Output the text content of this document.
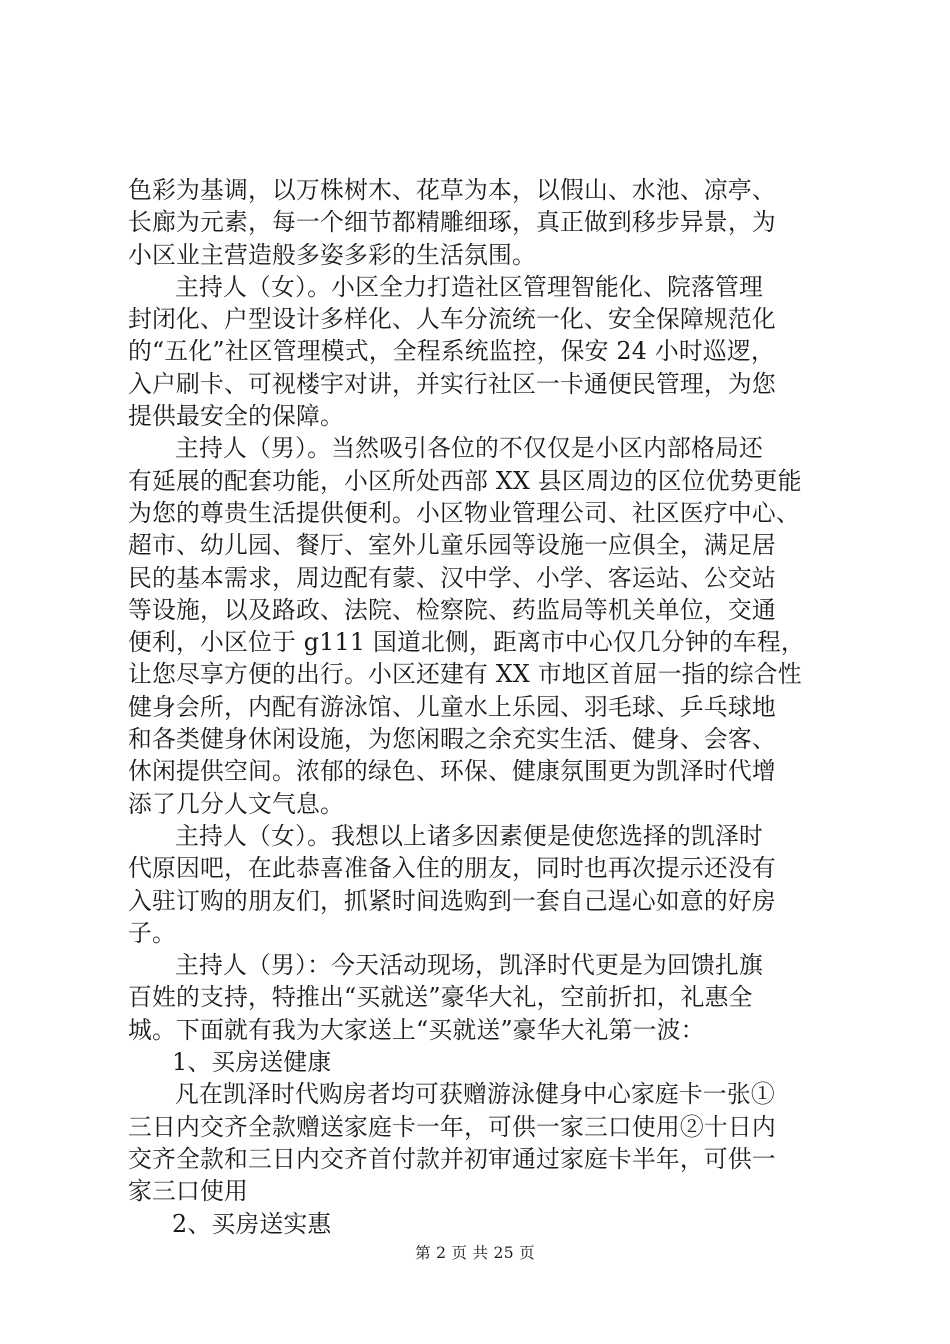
色彩为基调，以万株树木、花草为本，以假山、水池、凉亭、
长廊为元素，每一个细节都精雕细琢，真正做到移步异景，为
小区业主营造般多姿多彩的生活氛围。
主持人（女）。小区全力打造社区管理智能化、院落管理
封闭化、户型设计多样化、人车分流统一化、安全保障规范化
的“五化”社区管理模式，全程系统监控，保安 24 小时巡逻，
入户刷卡、可视楼宇对讲，并实行社区一卡通便民管理，为您
提供最安全的保障。
主持人（男）。当然吸引各位的不仅仅是小区内部格局还
有延展的配套功能，小区所处西部 XX 县区周边的区位优势更能
为您的尊贵生活提供便利。小区物业管理公司、社区医疗中心、
超市、幼儿园、餐厅、室外儿童乐园等设施一应俱全，满足居
民的基本需求，周边配有蒙、汉中学、小学、客运站、公交站
等设施，以及路政、法院、检察院、药监局等机关单位，交通
便利，小区位于 g111 国道北侧，距离市中心仅几分钟的车程，
让您尽享方便的出行。小区还建有 XX 市地区首屈一指的综合性
健身会所，内配有游泳馆、儿童水上乐园、羽毛球、乒乓球地
和各类健身休闲设施，为您闲暇之余充实生活、健身、会客、
休闲提供空间。浓郁的绿色、环保、健康氛围更为凯泽时代增
添了几分人文气息。
主持人（女）。我想以上诸多因素便是使您选择的凯泽时
代原因吧，在此恭喜准备入住的朋友，同时也再次提示还没有
入驻订购的朋友们，抓紧时间选购到一套自己逞心如意的好房
子。
主持人（男）：今天活动现场，凯泽时代更是为回馈扎旗
百姓的支持，特推出“买就送”豪华大礼，空前折扣，礼惠全
城。下面就有我为大家送上“买就送”豪华大礼第一波：
1、买房送健康
凡在凯泽时代购房者均可获赠游泳健身中心家庭卡一张①
三日内交齐全款赠送家庭卡一年，可供一家三口使用②十日内
交齐全款和三日内交齐首付款并初审通过家庭卡半年，可供一
家三口使用
2、买房送实惠
第 2 页 共 25 页
